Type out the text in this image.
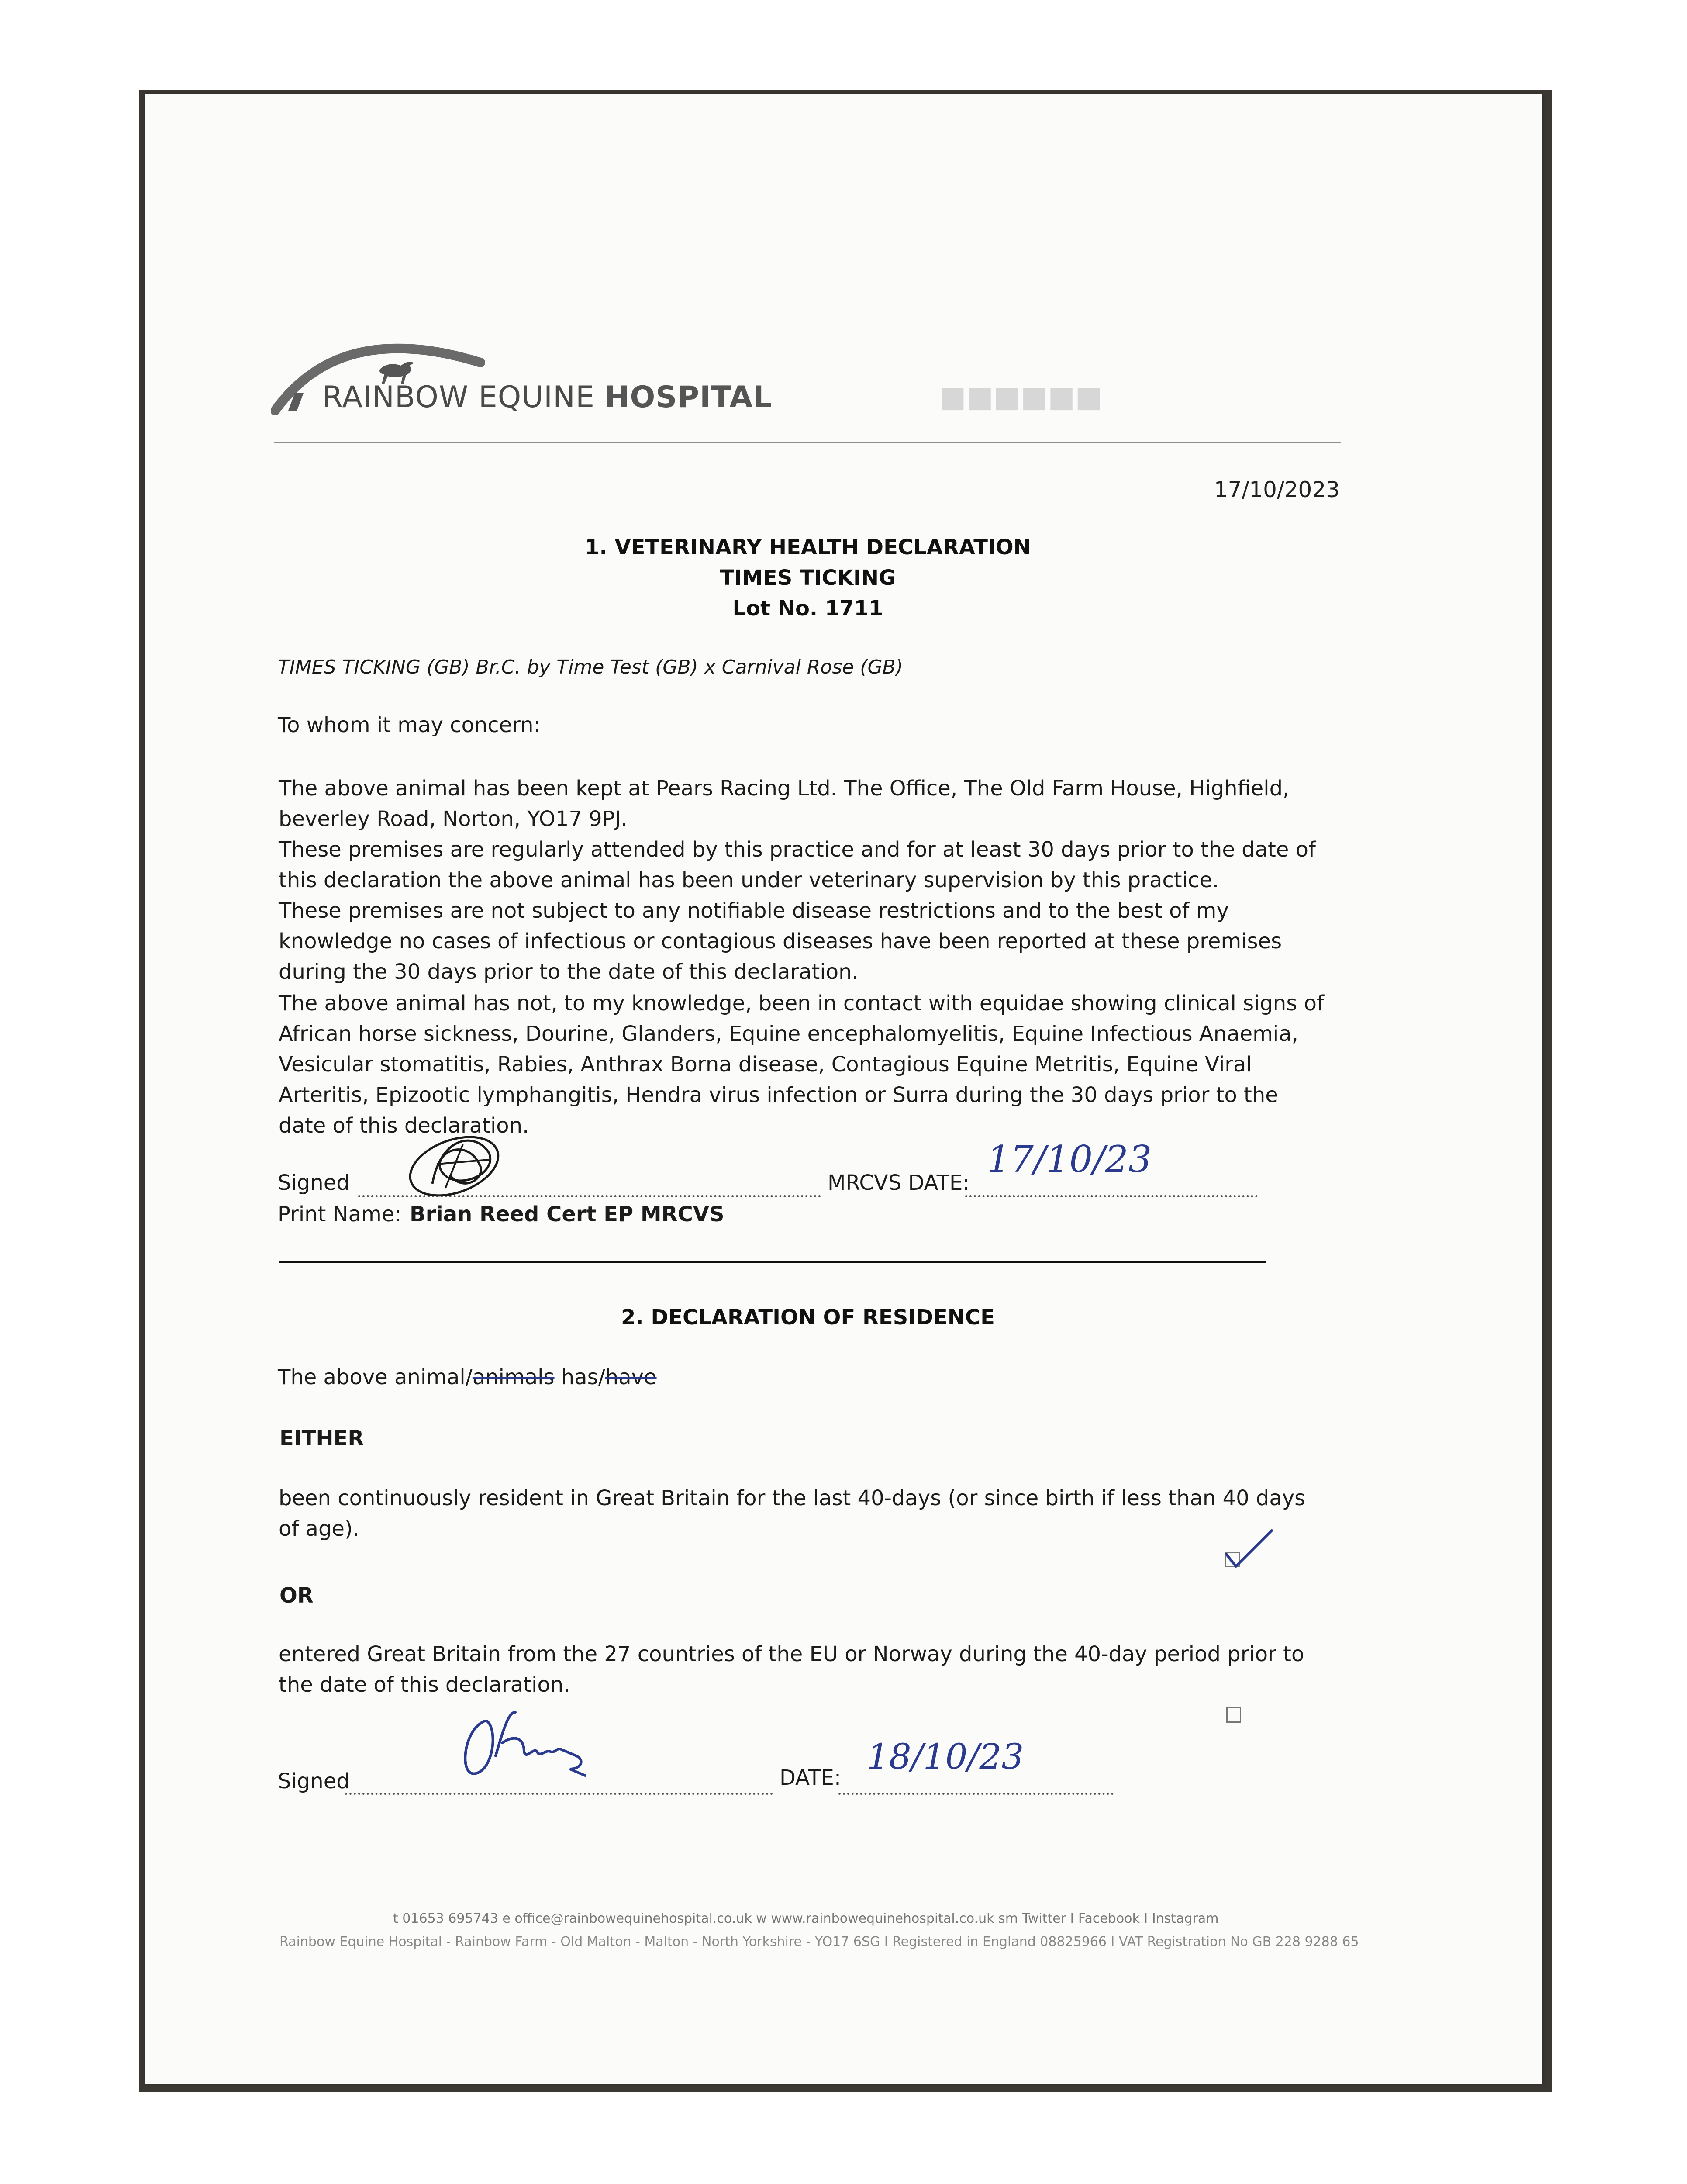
■■■■■■
RAINBOW EQUINE HOSPITAL
17/10/2023
1. VETERINARY HEALTH DECLARATION
TIMES TICKING
Lot No. 1711
TIMES TICKING (GB) Br.C. by Time Test (GB) x Carnival Rose (GB)
To whom it may concern:
The above animal has been kept at Pears Racing Ltd. The Office, The Old Farm House, Highfield, beverley Road, Norton, YO17 9PJ.
These premises are regularly attended by this practice and for at least 30 days prior to the date of this declaration the above animal has been under veterinary supervision by this practice.
These premises are not subject to any notifiable disease restrictions and to the best of my knowledge no cases of infectious or contagious diseases have been reported at these premises during the 30 days prior to the date of this declaration.
The above animal has not, to my knowledge, been in contact with equidae showing clinical signs of African horse sickness, Dourine, Glanders, Equine encephalomyelitis, Equine Infectious Anaemia, Vesicular stomatitis, Rabies, Anthrax Borna disease, Contagious Equine Metritis, Equine Viral Arteritis, Epizootic lymphangitis, Hendra virus infection or Surra during the 30 days prior to the date of this declaration.
Signed	MRCVS DATE:
17/10/23
Print Name: Brian Reed Cert EP MRCVS
2. DECLARATION OF RESIDENCE
The above animal/animals has/have
EITHER
been continuously resident in Great Britain for the last 40-days (or since birth if less than 40 days of age).
OR
entered Great Britain from the 27 countries of the EU or Norway during the 40-day period prior to the date of this declaration.
Signed	DATE:
18/10/23
t 01653 695743 e office@rainbowequinehospital.co.uk w www.rainbowequinehospital.co.uk sm Twitter I Facebook I Instagram
Rainbow Equine Hospital - Rainbow Farm - Old Malton - Malton - North Yorkshire - YO17 6SG I Registered in England 08825966 I VAT Registration No GB 228 9288 65
